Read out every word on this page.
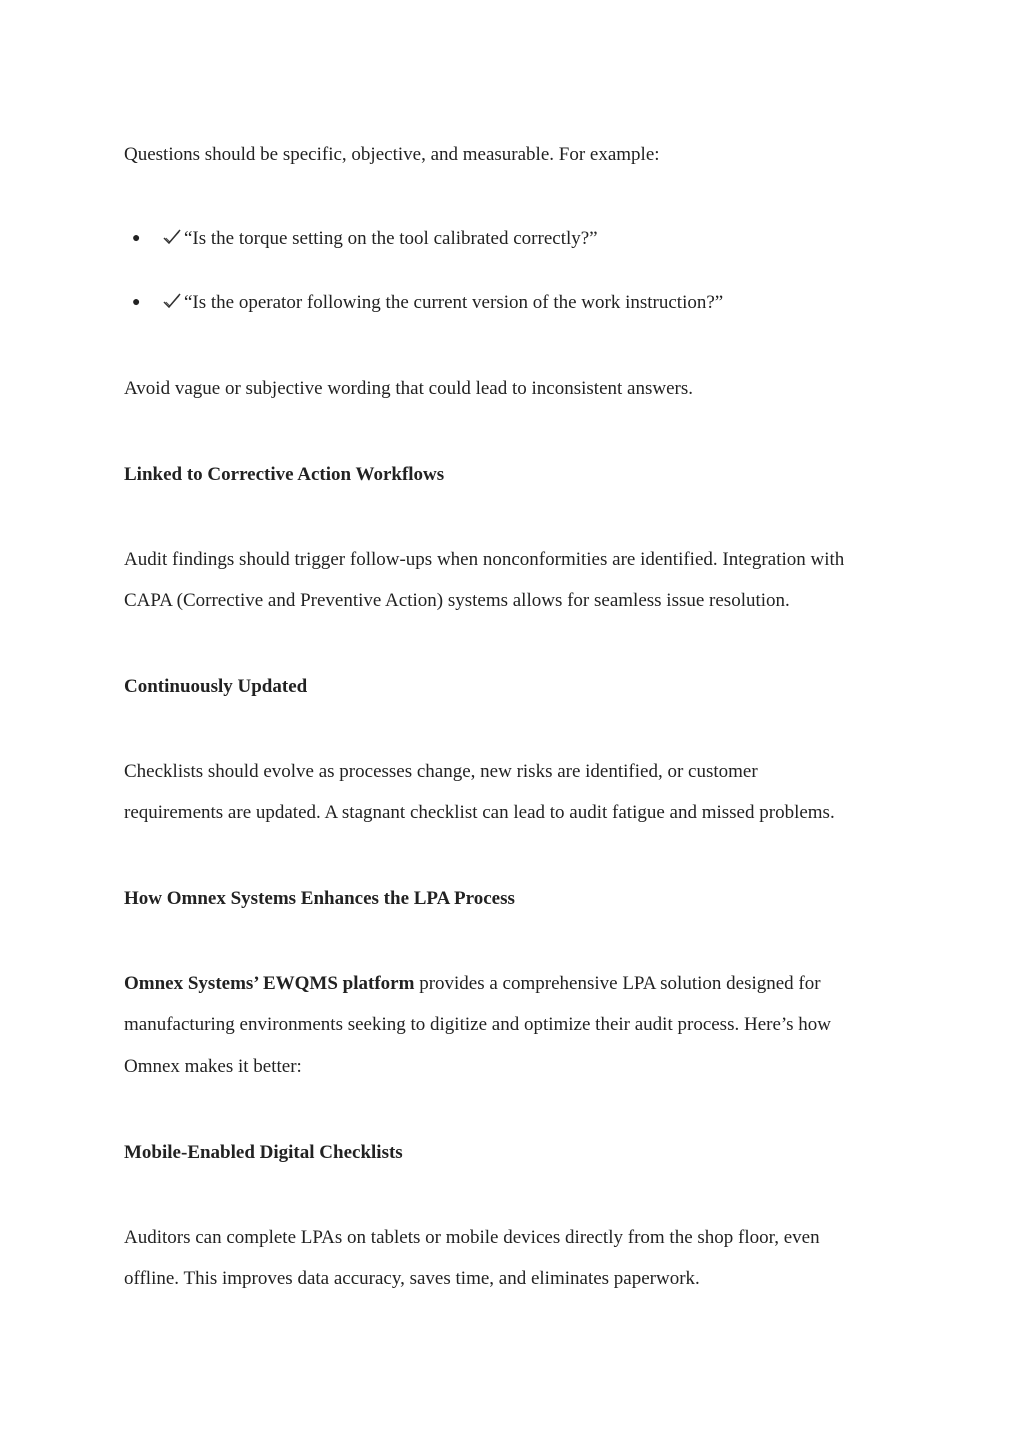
Questions should be specific, objective, and measurable. For example:

●	“Is the torque setting on the tool calibrated correctly?”
●	“Is the operator following the current version of the work instruction?”

Avoid vague or subjective wording that could lead to inconsistent answers.

Linked to Corrective Action Workflows

Audit findings should trigger follow-ups when nonconformities are identified. Integration with

CAPA (Corrective and Preventive Action) systems allows for seamless issue resolution.

Continuously Updated

Checklists should evolve as processes change, new risks are identified, or customer

requirements are updated. A stagnant checklist can lead to audit fatigue and missed problems.

How Omnex Systems Enhances the LPA Process

Omnex Systems’ EWQMS platform provides a comprehensive LPA solution designed for

manufacturing environments seeking to digitize and optimize their audit process. Here’s how

Omnex makes it better:

Mobile-Enabled Digital Checklists

Auditors can complete LPAs on tablets or mobile devices directly from the shop floor, even

offline. This improves data accuracy, saves time, and eliminates paperwork.
